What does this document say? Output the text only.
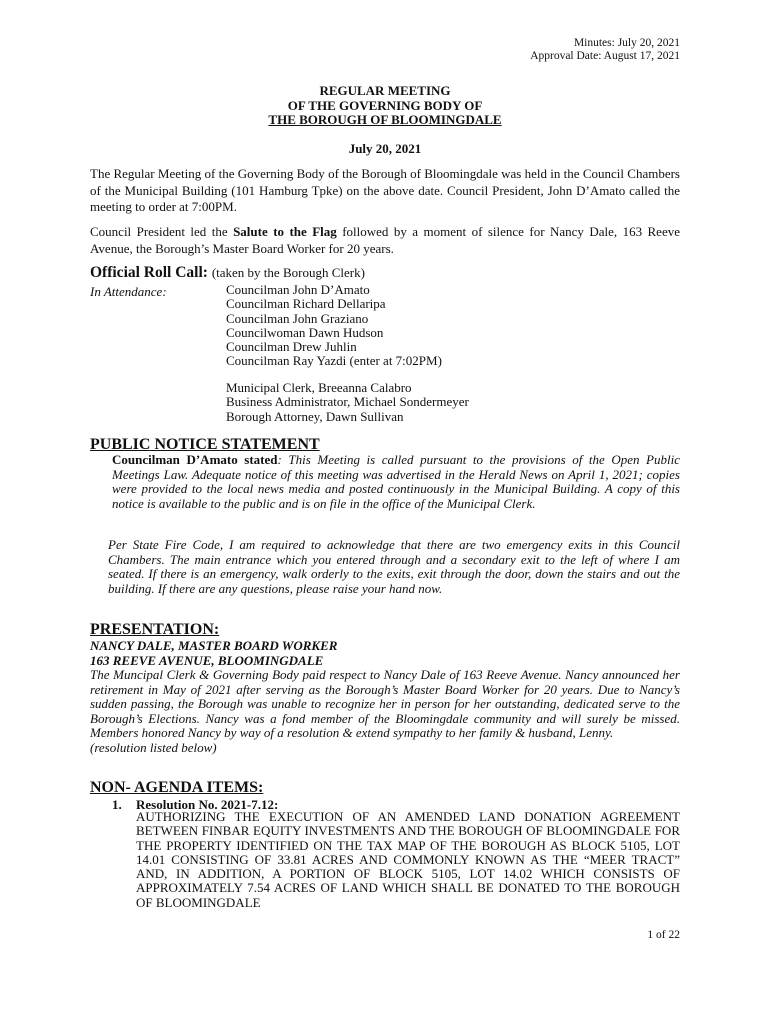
Minutes: July 20, 2021
Approval Date: August 17, 2021
REGULAR MEETING
OF THE GOVERNING BODY OF
THE BOROUGH OF BLOOMINGDALE
July 20, 2021

The Regular Meeting of the Governing Body of the Borough of Bloomingdale was held in the Council Chambers of the Municipal Building (101 Hamburg Tpke) on the above date. Council President, John D’Amato called the meeting to order at 7:00PM.

Council President led the Salute to the Flag followed by a moment of silence for Nancy Dale, 163 Reeve Avenue, the Borough’s Master Board Worker for 20 years.

Official Roll Call: (taken by the Borough Clerk)
In Attendance:	Councilman John D’Amato
Councilman Richard Dellaripa
Councilman John Graziano
Councilwoman Dawn Hudson
Councilman Drew Juhlin
Councilman Ray Yazdi (enter at 7:02PM)
Municipal Clerk, Breeanna Calabro
Business Administrator, Michael Sondermeyer
Borough Attorney, Dawn Sullivan
PUBLIC NOTICE STATEMENT

Councilman D’Amato stated: This Meeting is called pursuant to the provisions of the Open Public Meetings Law. Adequate notice of this meeting was advertised in the Herald News on April 1, 2021; copies were provided to the local news media and posted continuously in the Municipal Building. A copy of this notice is available to the public and is on file in the office of the Municipal Clerk.

Per State Fire Code, I am required to acknowledge that there are two emergency exits in this Council Chambers. The main entrance which you entered through and a secondary exit to the left of where I am seated. If there is an emergency, walk orderly to the exits, exit through the door, down the stairs and out the building. If there are any questions, please raise your hand now.

PRESENTATION:
NANCY DALE, MASTER BOARD WORKER
163 REEVE AVENUE, BLOOMINGDALE
The Muncipal Clerk & Governing Body paid respect to Nancy Dale of 163 Reeve Avenue. Nancy announced her retirement in May of 2021 after serving as the Borough’s Master Board Worker for 20 years. Due to Nancy’s sudden passing, the Borough was unable to recognize her in person for her outstanding, dedicated serve to the Borough’s Elections. Nancy was a fond member of the Bloomingdale community and will surely be missed. Members honored Nancy by way of a resolution & extend sympathy to her family & husband, Lenny.
(resolution listed below)
NON- AGENDA ITEMS:
1. Resolution No. 2021-7.12:

AUTHORIZING THE EXECUTION OF AN AMENDED LAND DONATION AGREEMENT BETWEEN FINBAR EQUITY INVESTMENTS AND THE BOROUGH OF BLOOMINGDALE FOR THE PROPERTY IDENTIFIED ON THE TAX MAP OF THE BOROUGH AS BLOCK 5105, LOT 14.01 CONSISTING OF 33.81 ACRES AND COMMONLY KNOWN AS THE “MEER TRACT” AND, IN ADDITION, A PORTION OF BLOCK 5105, LOT 14.02 WHICH CONSISTS OF APPROXIMATELY 7.54 ACRES OF LAND WHICH SHALL BE DONATED TO THE BOROUGH OF BLOOMINGDALE

1 of 22
